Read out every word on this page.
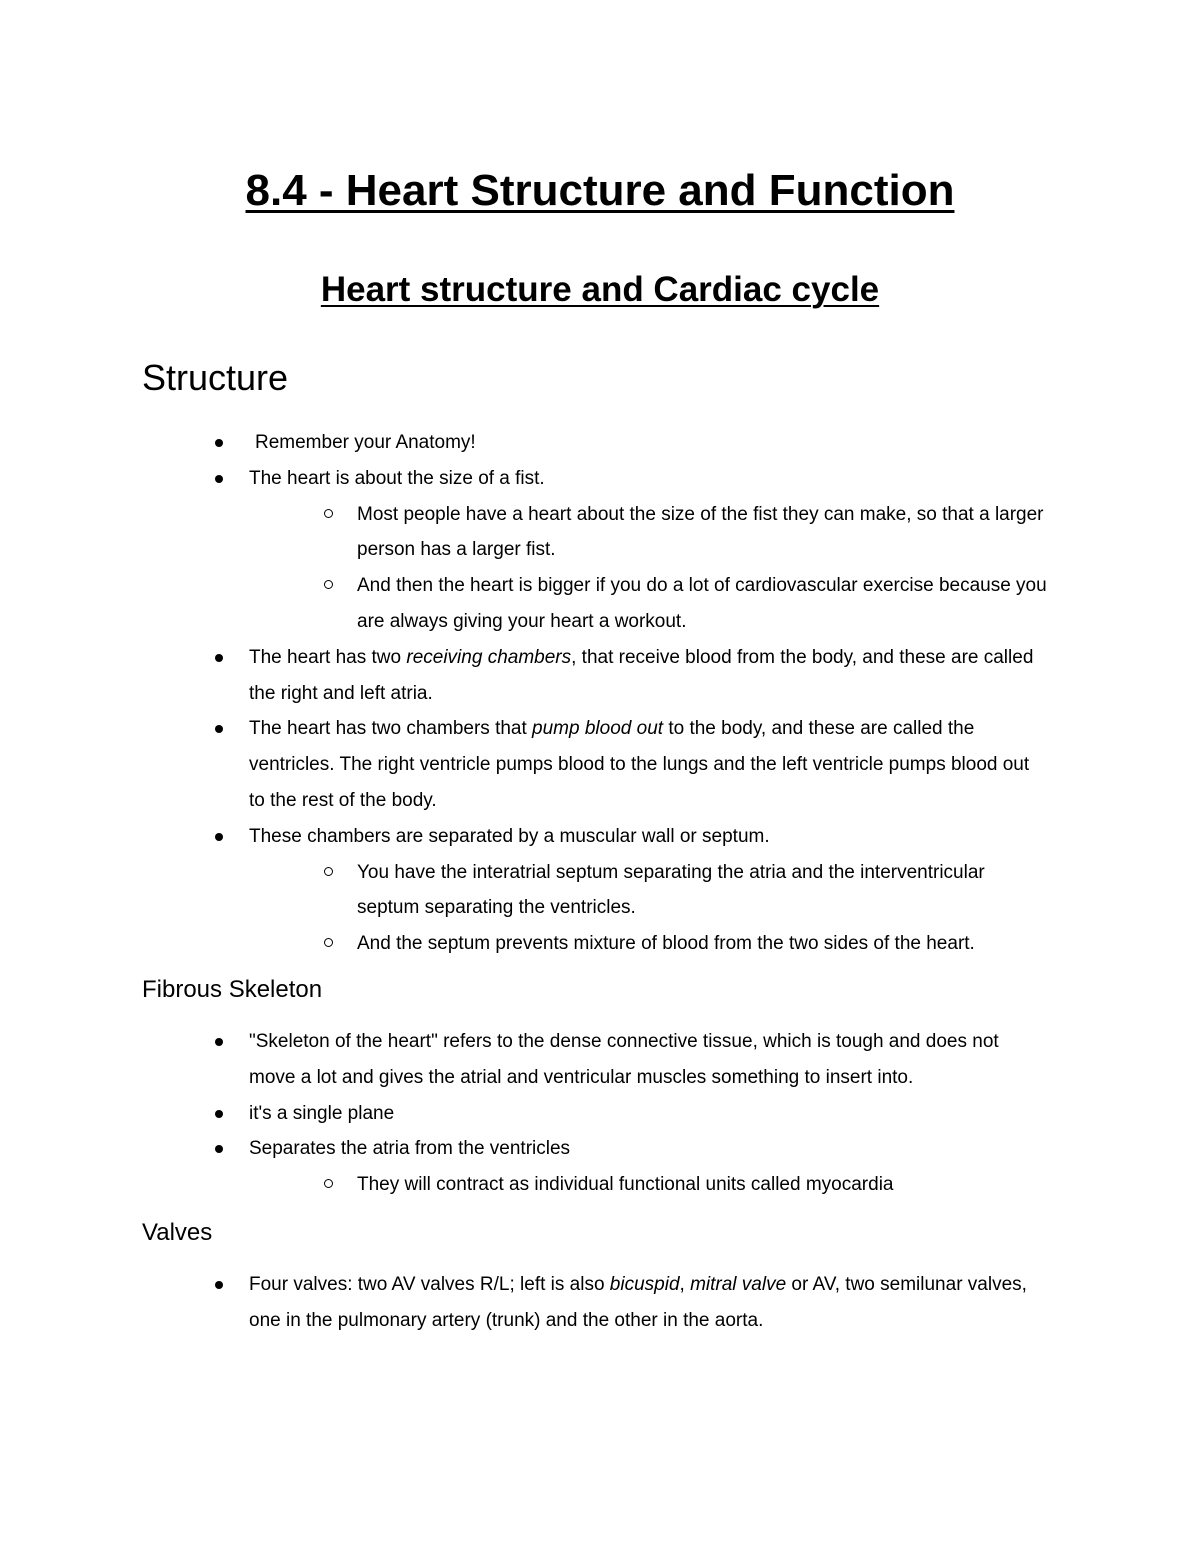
8.4 - Heart Structure and Function
Heart structure and Cardiac cycle
Structure
Remember your Anatomy!
The heart is about the size of a fist.
Most people have a heart about the size of the fist they can make, so that a larger person has a larger fist.
And then the heart is bigger if you do a lot of cardiovascular exercise because you are always giving your heart a workout.
The heart has two receiving chambers, that receive blood from the body, and these are called the right and left atria.
The heart has two chambers that pump blood out to the body, and these are called the ventricles. The right ventricle pumps blood to the lungs and the left ventricle pumps blood out to the rest of the body.
These chambers are separated by a muscular wall or septum.
You have the interatrial septum separating the atria and the interventricular septum separating the ventricles.
And the septum prevents mixture of blood from the two sides of the heart.
Fibrous Skeleton
"Skeleton of the heart" refers to the dense connective tissue, which is tough and does not move a lot and gives the atrial and ventricular muscles something to insert into.
it's a single plane
Separates the atria from the ventricles
They will contract as individual functional units called myocardia
Valves
Four valves: two AV valves R/L; left is also bicuspid, mitral valve or AV, two semilunar valves, one in the pulmonary artery (trunk) and the other in the aorta.
